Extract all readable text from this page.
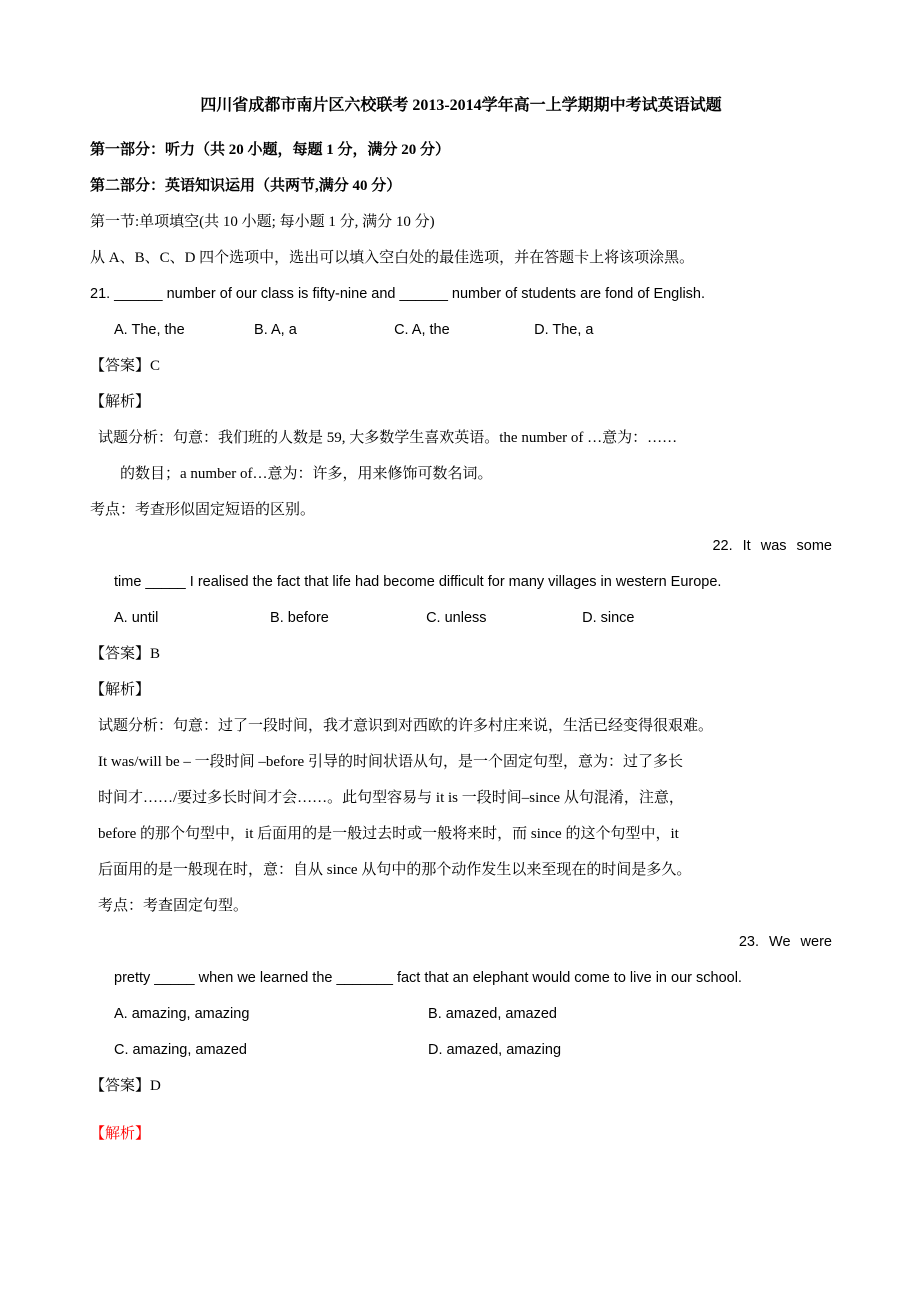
四川省成都市南片区六校联考 2013-2014学年高一上学期期中考试英语试题

第一部分：听力（共 20 小题，每题 1 分，满分 20 分）

第二部分：英语知识运用（共两节,满分 40 分）

第一节:单项填空(共 10 小题; 每小题 1 分, 满分 10 分)

从 A、B、C、D 四个选项中，选出可以填入空白处的最佳选项，并在答题卡上将该项涂黑。

21. ______ number of our class is fifty-nine and ______ number of students are fond of English.

A. The, the	B. A, a	C. A, the	D. The, a

【答案】C

【解析】

试题分析：句意：我们班的人数是 59, 大多数学生喜欢英语。the number of …意为：……

的数目；a number of…意为：许多，用来修饰可数名词。

考点：考查形似固定短语的区别。

22. It was some

time _____ I realised the fact that life had become difficult for many villages in western Europe.

A. until	B. before	C. unless	D. since

【答案】B

【解析】

试题分析：句意：过了一段时间，我才意识到对西欧的许多村庄来说，生活已经变得很艰难。

It was/will be – 一段时间 –before 引导的时间状语从句，是一个固定句型，意为：过了多长

时间才……/要过多长时间才会……。此句型容易与 it is 一段时间–since 从句混淆，注意，

before 的那个句型中，it 后面用的是一般过去时或一般将来时，而 since 的这个句型中，it

后面用的是一般现在时，意：自从 since 从句中的那个动作发生以来至现在的时间是多久。

考点：考查固定句型。

23. We were

pretty _____ when we learned the _______ fact that an elephant would come to live in our school.

A. amazing, amazing	B. amazed, amazed

C. amazing, amazed	D. amazed, amazing

【答案】D

【解析】
